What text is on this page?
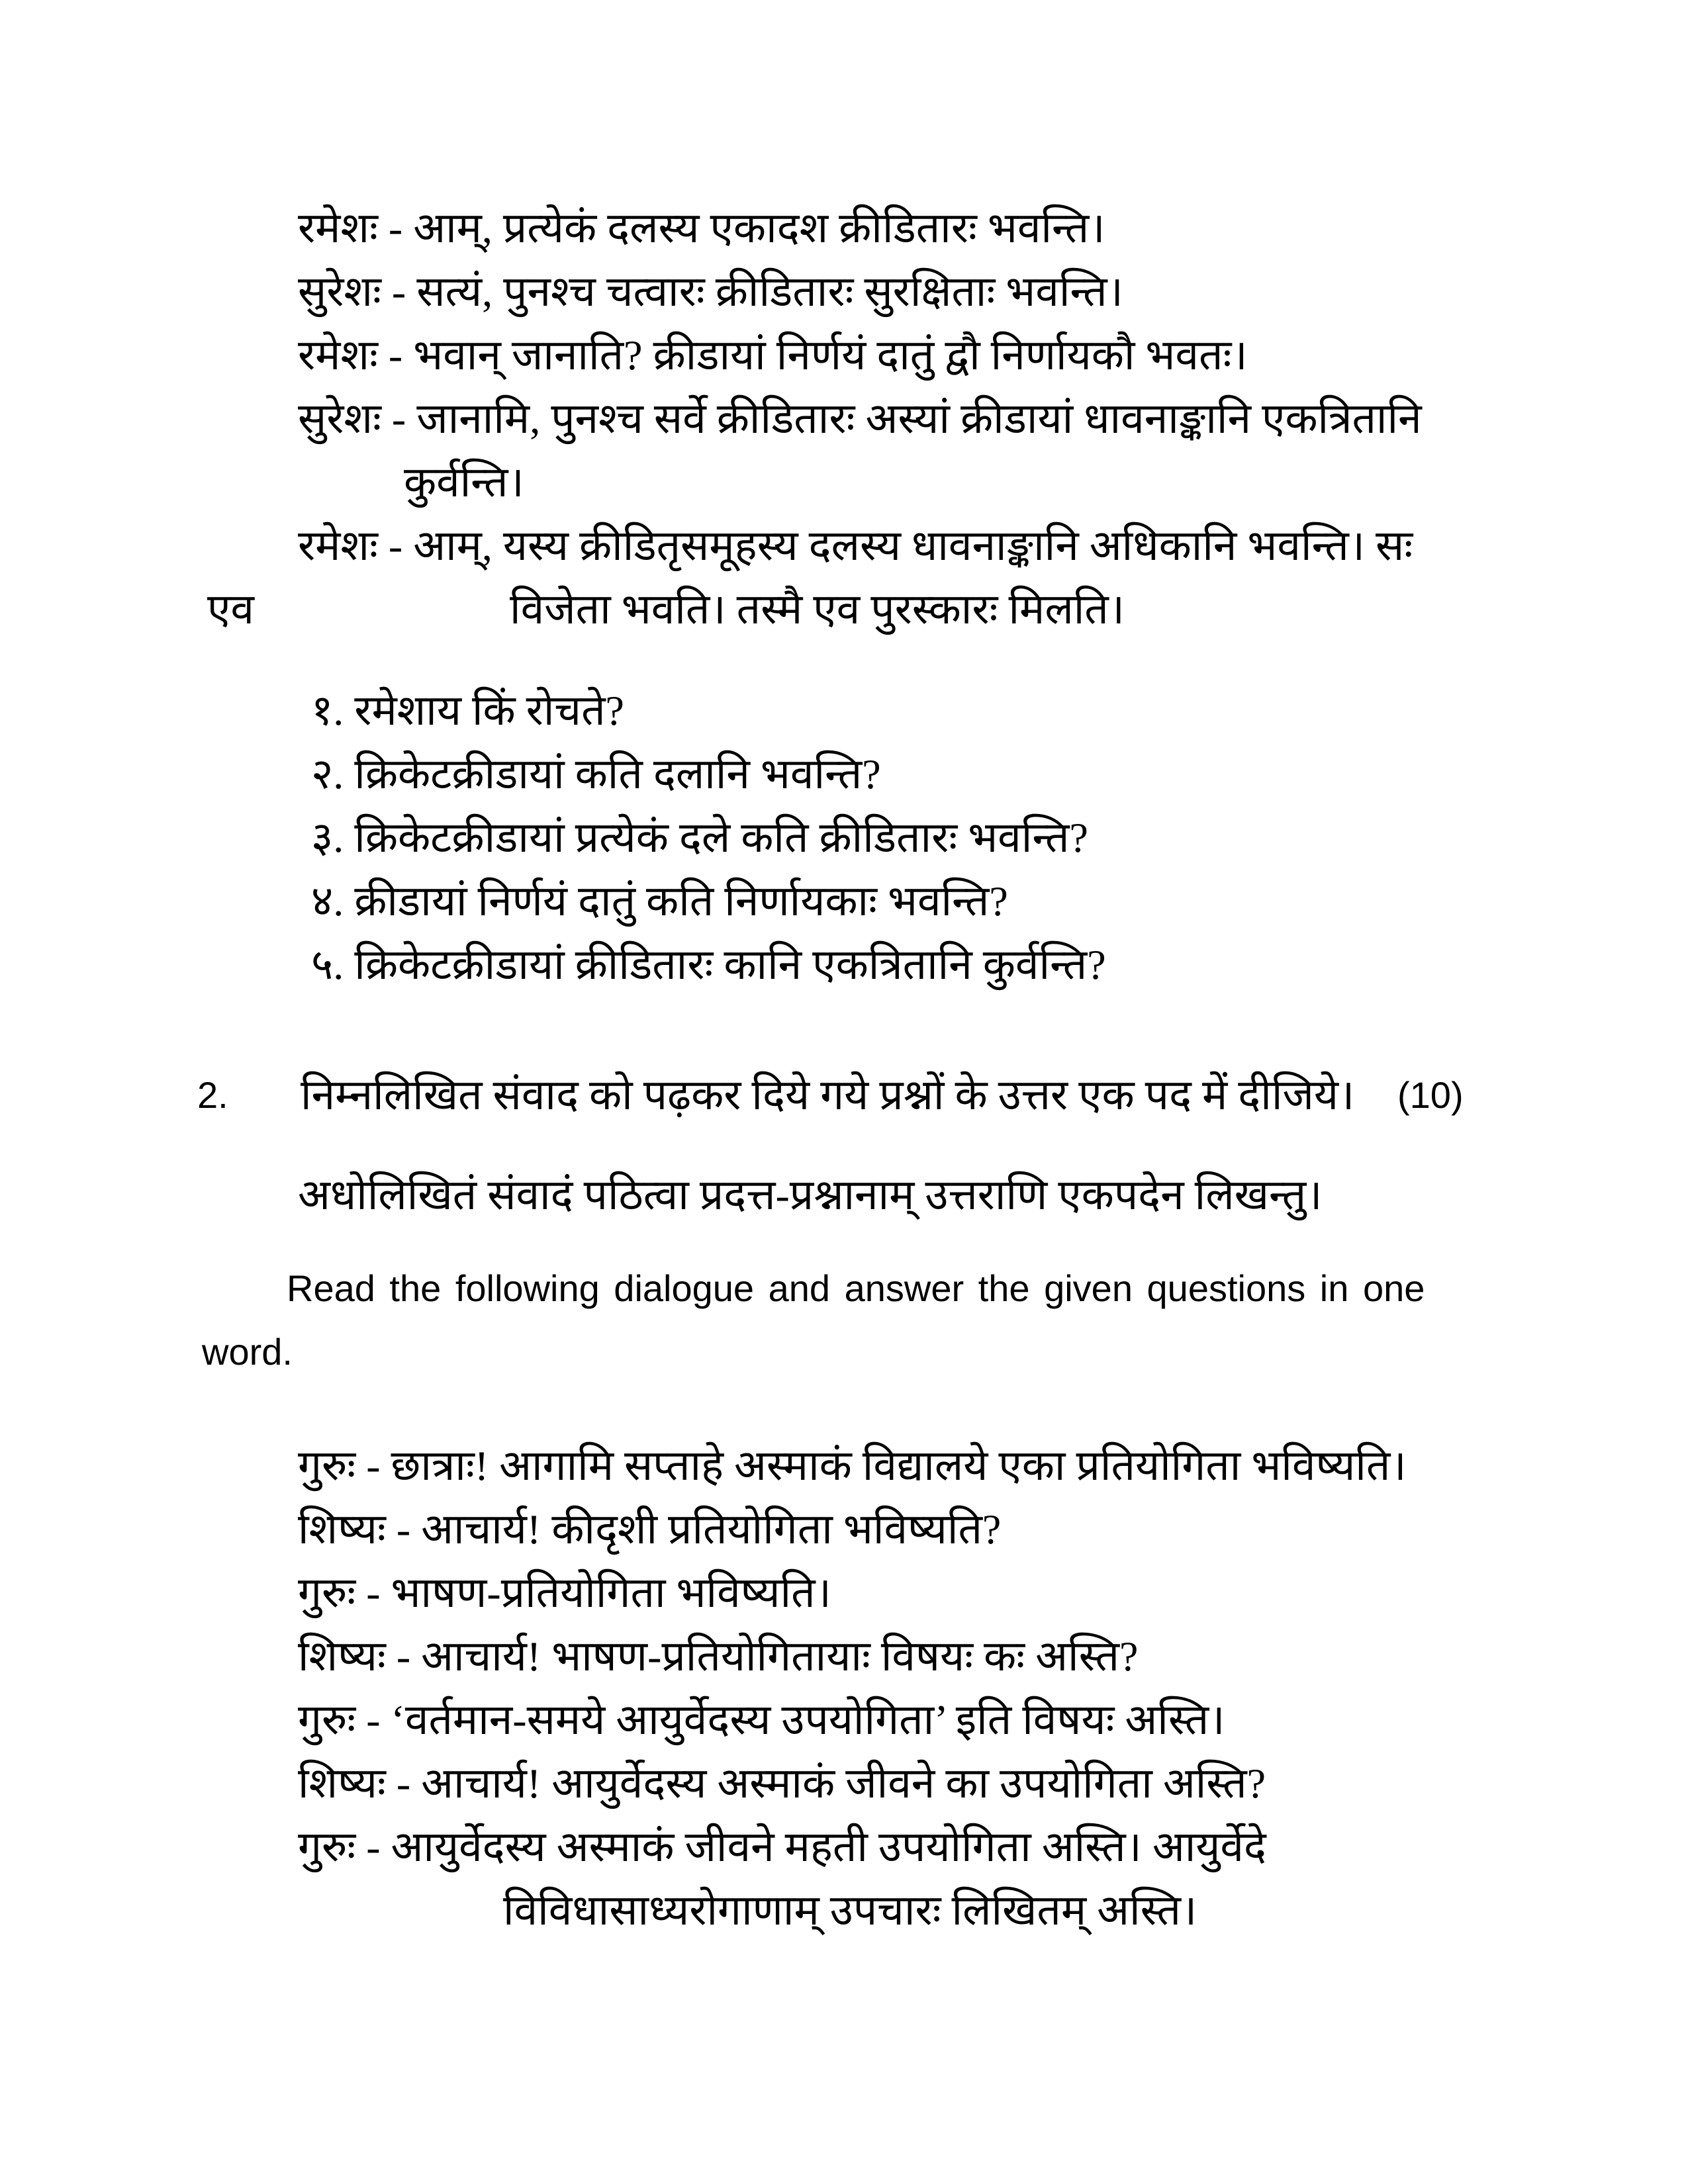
रमेशः - आम्, प्रत्येकं दलस्य एकादश क्रीडितारः भवन्ति।
सुरेशः - सत्यं, पुनश्च चत्वारः क्रीडितारः सुरक्षिताः भवन्ति।
रमेशः - भवान् जानाति? क्रीडायां निर्णयं दातुं द्वौ निर्णायकौ भवतः।
सुरेशः - जानामि, पुनश्च सर्वे क्रीडितारः अस्यां क्रीडायां धावनाङ्कानि एकत्रितानि
कुर्वन्ति।
रमेशः - आम्, यस्य क्रीडितृसमूहस्य दलस्य धावनाङ्कानि अधिकानि भवन्ति। सः
एव	विजेता भवति। तस्मै एव पुरस्कारः मिलति।
१. रमेशाय किं रोचते?
२. क्रिकेटक्रीडायां कति दलानि भवन्ति?
३. क्रिकेटक्रीडायां प्रत्येकं दले कति क्रीडितारः भवन्ति?
४. क्रीडायां निर्णयं दातुं कति निर्णायकाः भवन्ति?
५. क्रिकेटक्रीडायां क्रीडितारः कानि एकत्रितानि कुर्वन्ति?
2. निम्नलिखित संवाद को पढ़कर दिये गये प्रश्नों के उत्तर एक पद में दीजिये। (10)
अधोलिखितं संवादं पठित्वा प्रदत्त-प्रश्नानाम् उत्तराणि एकपदेन लिखन्तु।
Read the following dialogue and answer the given questions in one
word.
गुरुः - छात्राः! आगामि सप्ताहे अस्माकं विद्यालये एका प्रतियोगिता भविष्यति।
शिष्यः - आचार्य! कीदृशी प्रतियोगिता भविष्यति?
गुरुः - भाषण-प्रतियोगिता भविष्यति।
शिष्यः - आचार्य! भाषण-प्रतियोगितायाः विषयः कः अस्ति?
गुरुः - ‘वर्तमान-समये आयुर्वेदस्य उपयोगिता’ इति विषयः अस्ति।
शिष्यः - आचार्य! आयुर्वेदस्य अस्माकं जीवने का उपयोगिता अस्ति?
गुरुः - आयुर्वेदस्य अस्माकं जीवने महती उपयोगिता अस्ति। आयुर्वेदे
विविधासाध्यरोगाणाम् उपचारः लिखितम् अस्ति।
